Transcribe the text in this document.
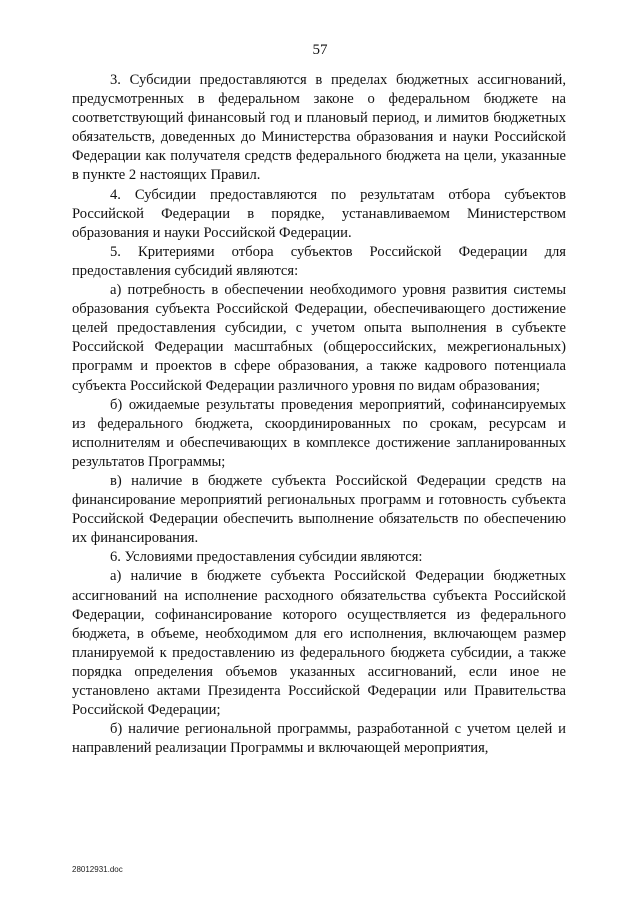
57

3. Субсидии предоставляются в пределах бюджетных ассигнований, предусмотренных в федеральном законе о федеральном бюджете на соответствующий финансовый год и плановый период, и лимитов бюджетных обязательств, доведенных до Министерства образования и науки Российской Федерации как получателя средств федерального бюджета на цели, указанные в пункте 2 настоящих Правил.

4. Субсидии предоставляются по результатам отбора субъектов Российской Федерации в порядке, устанавливаемом Министерством образования и науки Российской Федерации.

5. Критериями отбора субъектов Российской Федерации для предоставления субсидий являются:

а) потребность в обеспечении необходимого уровня развития системы образования субъекта Российской Федерации, обеспечивающего достижение целей предоставления субсидии, с учетом опыта выполнения в субъекте Российской Федерации масштабных (общероссийских, межрегиональных) программ и проектов в сфере образования, а также кадрового потенциала субъекта Российской Федерации различного уровня по видам образования;

б) ожидаемые результаты проведения мероприятий, софинансируемых из федерального бюджета, скоординированных по срокам, ресурсам и исполнителям и обеспечивающих в комплексе достижение запланированных результатов Программы;

в) наличие в бюджете субъекта Российской Федерации средств на финансирование мероприятий региональных программ и готовность субъекта Российской Федерации обеспечить выполнение обязательств по обеспечению их финансирования.

6. Условиями предоставления субсидии являются:

а) наличие в бюджете субъекта Российской Федерации бюджетных ассигнований на исполнение расходного обязательства субъекта Российской Федерации, софинансирование которого осуществляется из федерального бюджета, в объеме, необходимом для его исполнения, включающем размер планируемой к предоставлению из федерального бюджета субсидии, а также порядка определения объемов указанных ассигнований, если иное не установлено актами Президента Российской Федерации или Правительства Российской Федерации;

б) наличие региональной программы, разработанной с учетом целей и направлений реализации Программы и включающей мероприятия,

28012931.doc
